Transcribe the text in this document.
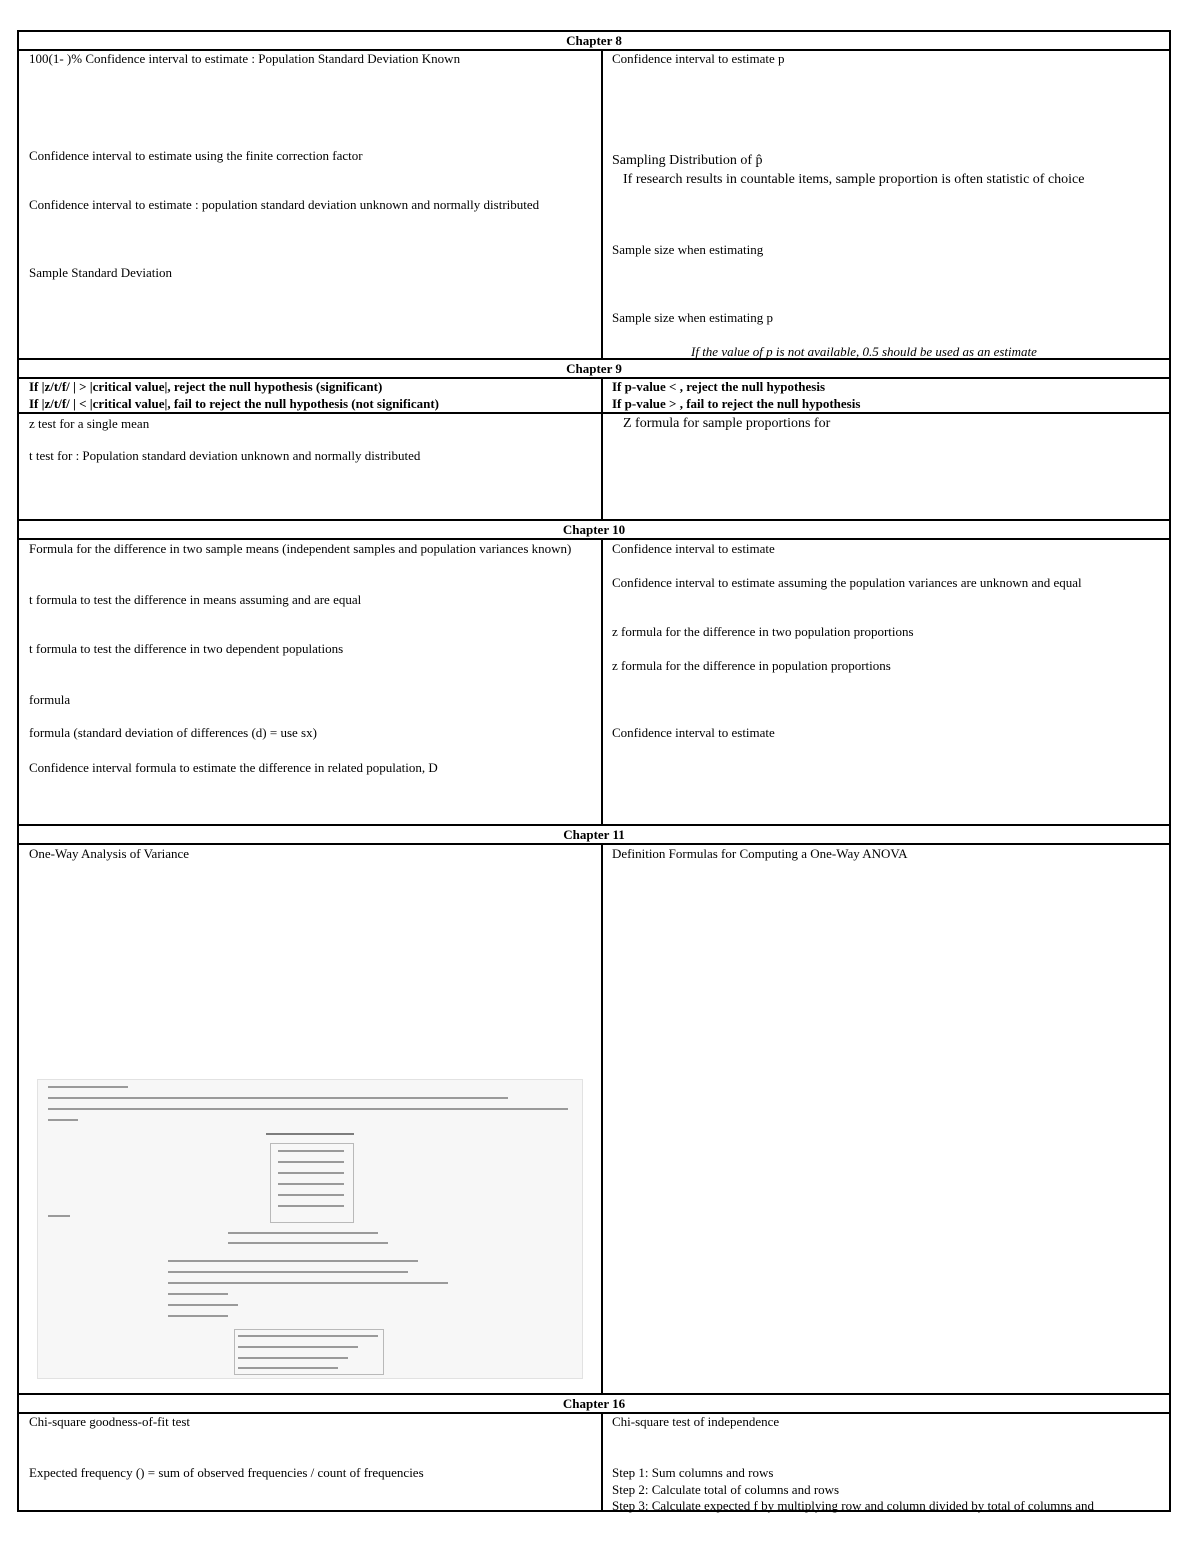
Chapter 8
100(1- )% Confidence interval to estimate : Population Standard Deviation Known
Confidence interval to estimate using the finite correction factor
Confidence interval to estimate : population standard deviation unknown and normally distributed
Sample Standard Deviation
Confidence interval to estimate p
Sampling Distribution of p̂
If research results in countable items, sample proportion is often statistic of choice
Sample size when estimating
Sample size when estimating p
If the value of p is not available, 0.5 should be used as an estimate
Chapter 9
If |z/t/f/ | > |critical value|, reject the null hypothesis (significant)
If |z/t/f/ | < |critical value|, fail to reject the null hypothesis (not significant)
If p-value < , reject the null hypothesis
If p-value > , fail to reject the null hypothesis
z test for a single mean
t test for : Population standard deviation unknown and normally distributed
Z formula for sample proportions for
Chapter 10
Formula for the difference in two sample means (independent samples and population variances known)
t formula to test the difference in means assuming and are equal
t formula to test the difference in two dependent populations
formula
formula (standard deviation of differences (d) = use sx)
Confidence interval formula to estimate the difference in related population, D
Confidence interval to estimate
Confidence interval to estimate assuming the population variances are unknown and equal
z formula for the difference in two population proportions
z formula for the difference in population proportions
Confidence interval to estimate
Chapter 11
One-Way Analysis of Variance	Definition Formulas for Computing a One-Way ANOVA
Chapter 16
Chi-square goodness-of-fit test
Expected frequency () = sum of observed frequencies / count of frequencies
Chi-square test of independence
Step 1: Sum columns and rows
Step 2: Calculate total of columns and rows
Step 3: Calculate expected f by multiplying row and column divided by total of columns and
